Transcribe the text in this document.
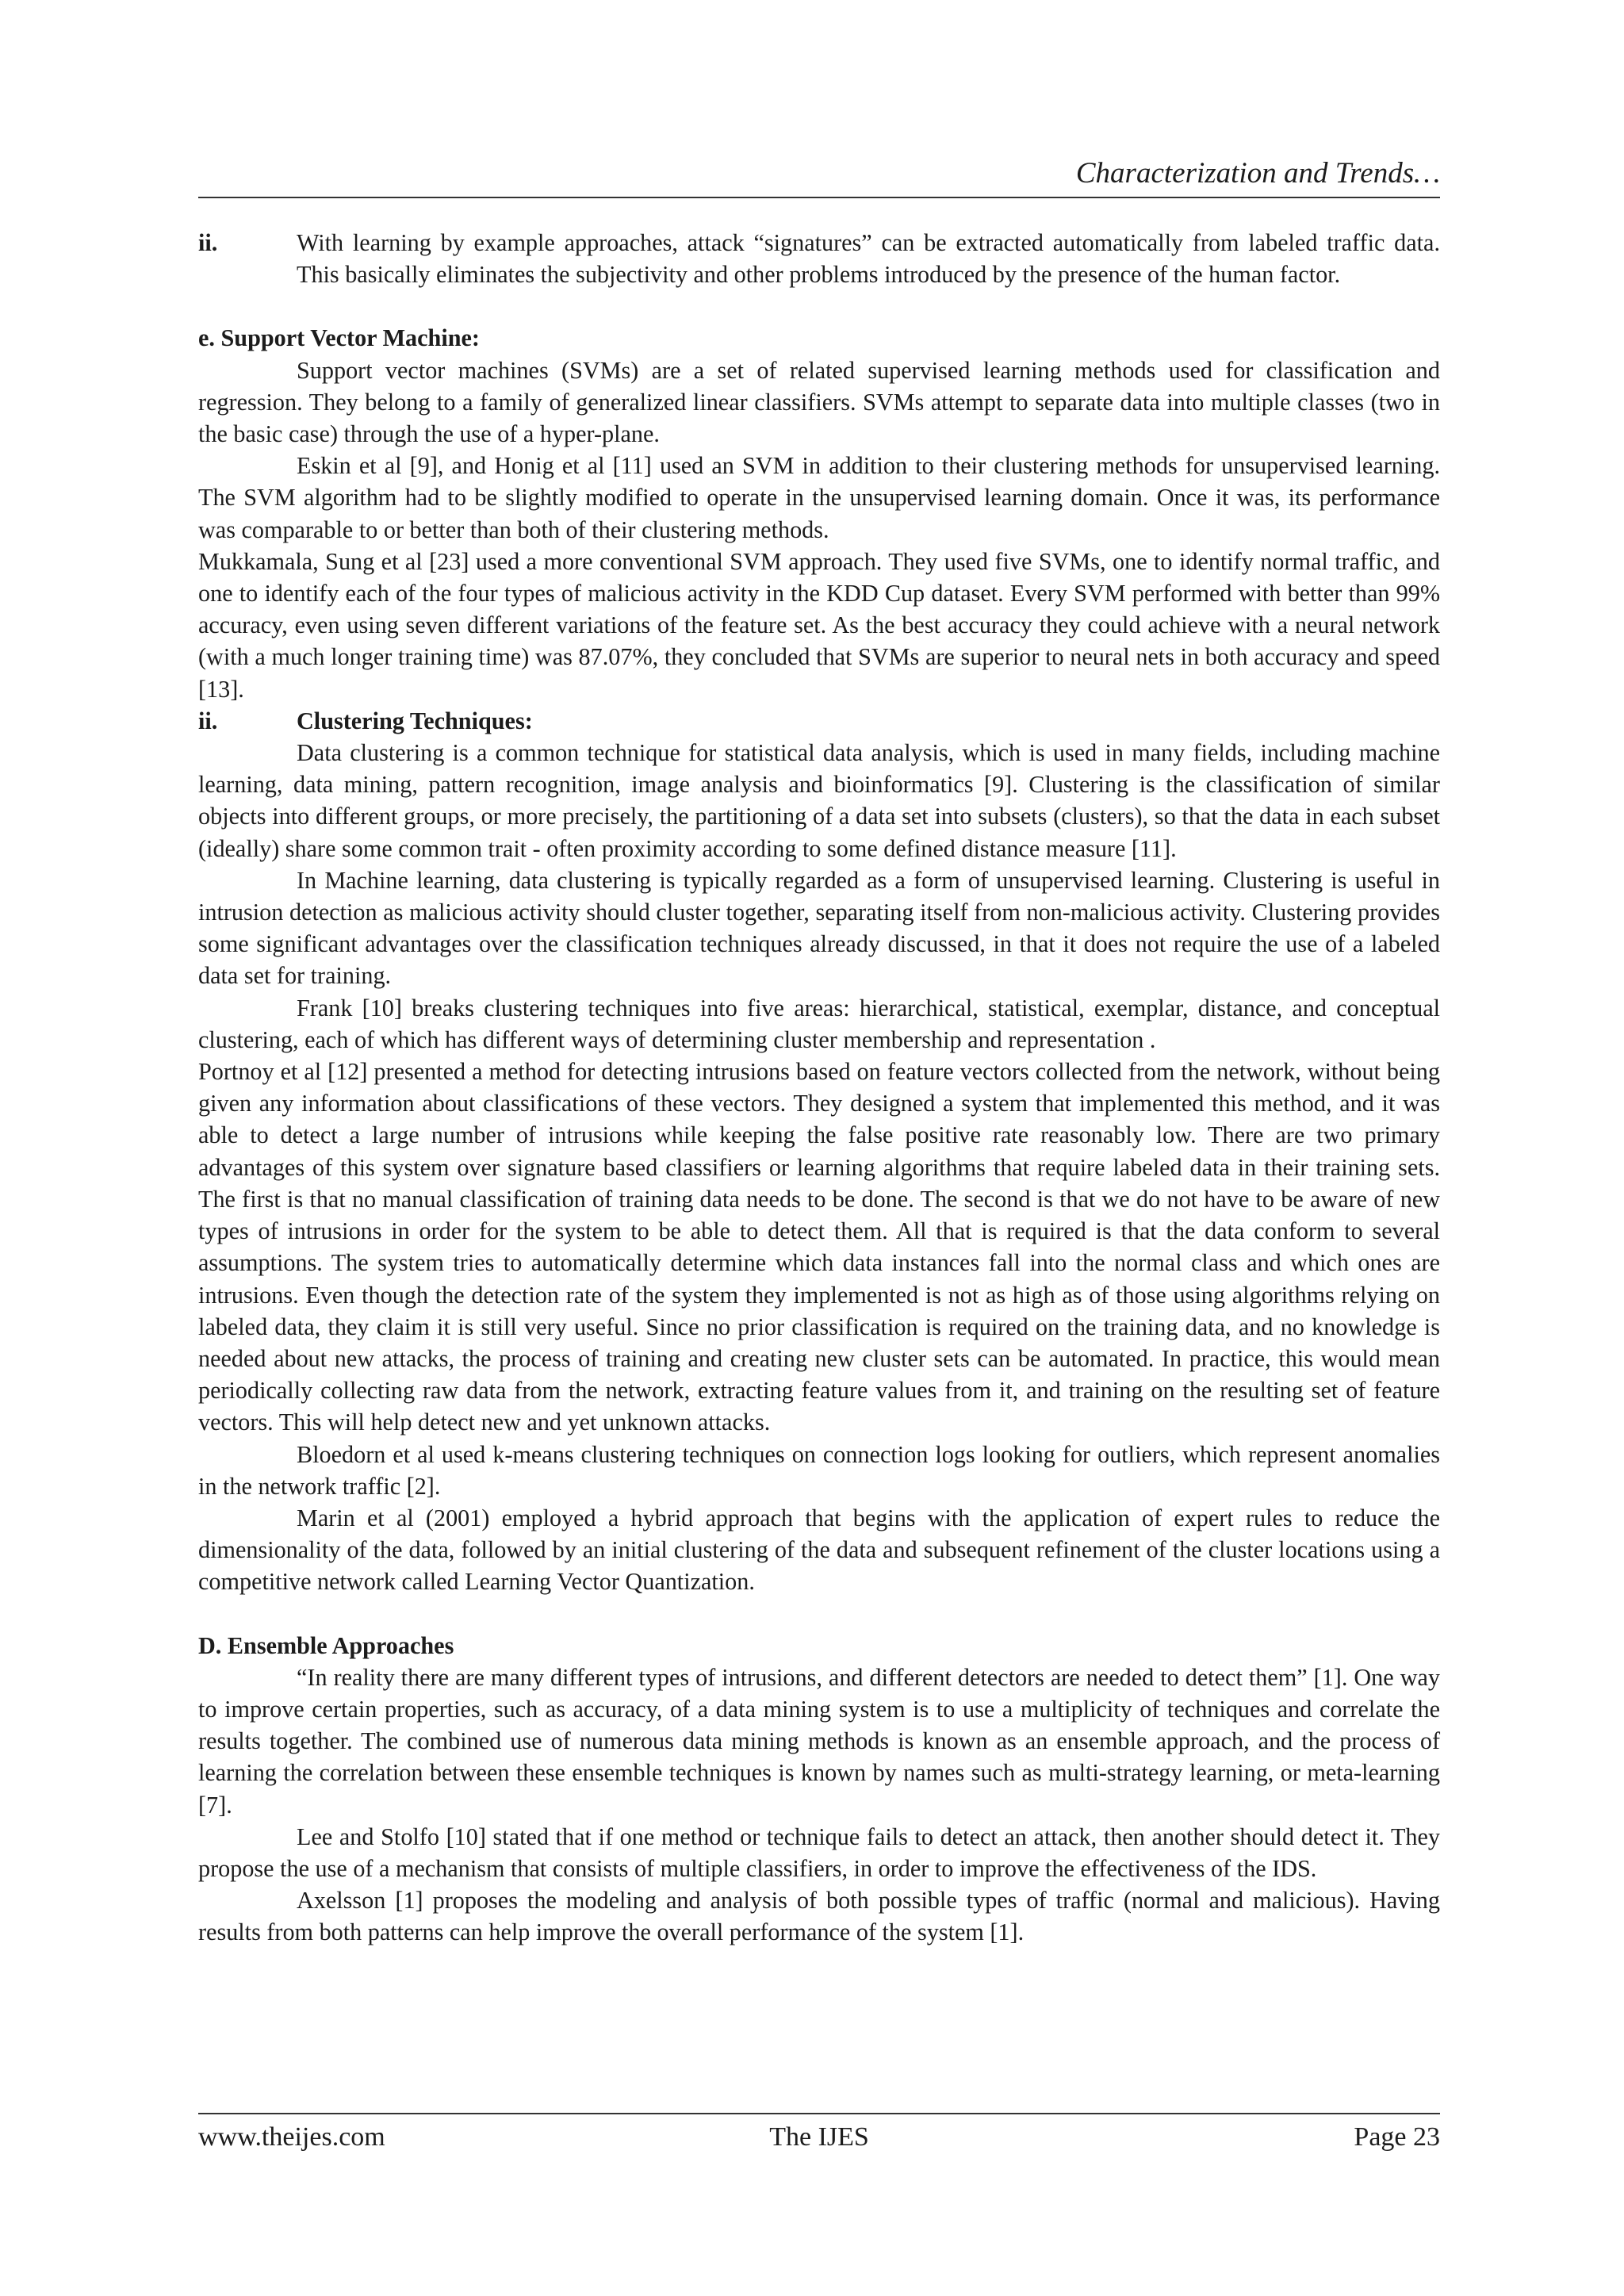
Characterization and Trends…
ii.	With learning by example approaches, attack “signatures” can be extracted automatically from labeled traffic data. This basically eliminates the subjectivity and other problems introduced by the presence of the human factor.

e. Support Vector Machine:

Support vector machines (SVMs) are a set of related supervised learning methods used for classification and regression. They belong to a family of generalized linear classifiers. SVMs attempt to separate data into multiple classes (two in the basic case) through the use of a hyper-plane.

Eskin et al [9], and Honig et al [11] used an SVM in addition to their clustering methods for unsupervised learning. The SVM algorithm had to be slightly modified to operate in the unsupervised learning domain. Once it was, its performance was comparable to or better than both of their clustering methods.

Mukkamala, Sung et al [23] used a more conventional SVM approach. They used five SVMs, one to identify normal traffic, and one to identify each of the four types of malicious activity in the KDD Cup dataset. Every SVM performed with better than 99% accuracy, even using seven different variations of the feature set. As the best accuracy they could achieve with a neural network (with a much longer training time) was 87.07%, they concluded that SVMs are superior to neural nets in both accuracy and speed [13].

ii.	Clustering Techniques:

Data clustering is a common technique for statistical data analysis, which is used in many fields, including machine learning, data mining, pattern recognition, image analysis and bioinformatics [9]. Clustering is the classification of similar objects into different groups, or more precisely, the partitioning of a data set into subsets (clusters), so that the data in each subset (ideally) share some common trait - often proximity according to some defined distance measure [11].

In Machine learning, data clustering is typically regarded as a form of unsupervised learning. Clustering is useful in intrusion detection as malicious activity should cluster together, separating itself from non-malicious activity. Clustering provides some significant advantages over the classification techniques already discussed, in that it does not require the use of a labeled data set for training.

Frank [10] breaks clustering techniques into five areas: hierarchical, statistical, exemplar, distance, and conceptual clustering, each of which has different ways of determining cluster membership and representation .

Portnoy et al [12] presented a method for detecting intrusions based on feature vectors collected from the network, without being given any information about classifications of these vectors. They designed a system that implemented this method, and it was able to detect a large number of intrusions while keeping the false positive rate reasonably low. There are two primary advantages of this system over signature based classifiers or learning algorithms that require labeled data in their training sets. The first is that no manual classification of training data needs to be done. The second is that we do not have to be aware of new types of intrusions in order for the system to be able to detect them. All that is required is that the data conform to several assumptions. The system tries to automatically determine which data instances fall into the normal class and which ones are intrusions. Even though the detection rate of the system they implemented is not as high as of those using algorithms relying on labeled data, they claim it is still very useful. Since no prior classification is required on the training data, and no knowledge is needed about new attacks, the process of training and creating new cluster sets can be automated. In practice, this would mean periodically collecting raw data from the network, extracting feature values from it, and training on the resulting set of feature vectors. This will help detect new and yet unknown attacks.

Bloedorn et al used k-means clustering techniques on connection logs looking for outliers, which represent anomalies in the network traffic [2].

Marin et al (2001) employed a hybrid approach that begins with the application of expert rules to reduce the dimensionality of the data, followed by an initial clustering of the data and subsequent refinement of the cluster locations using a competitive network called Learning Vector Quantization.

D. Ensemble Approaches

“In reality there are many different types of intrusions, and different detectors are needed to detect them” [1]. One way to improve certain properties, such as accuracy, of a data mining system is to use a multiplicity of techniques and correlate the results together. The combined use of numerous data mining methods is known as an ensemble approach, and the process of learning the correlation between these ensemble techniques is known by names such as multi-strategy learning, or meta-learning [7].

Lee and Stolfo [10] stated that if one method or technique fails to detect an attack, then another should detect it. They propose the use of a mechanism that consists of multiple classifiers, in order to improve the effectiveness of the IDS.

Axelsson [1] proposes the modeling and analysis of both possible types of traffic (normal and malicious). Having results from both patterns can help improve the overall performance of the system [1].

www.theijes.com	The IJES	Page 23
